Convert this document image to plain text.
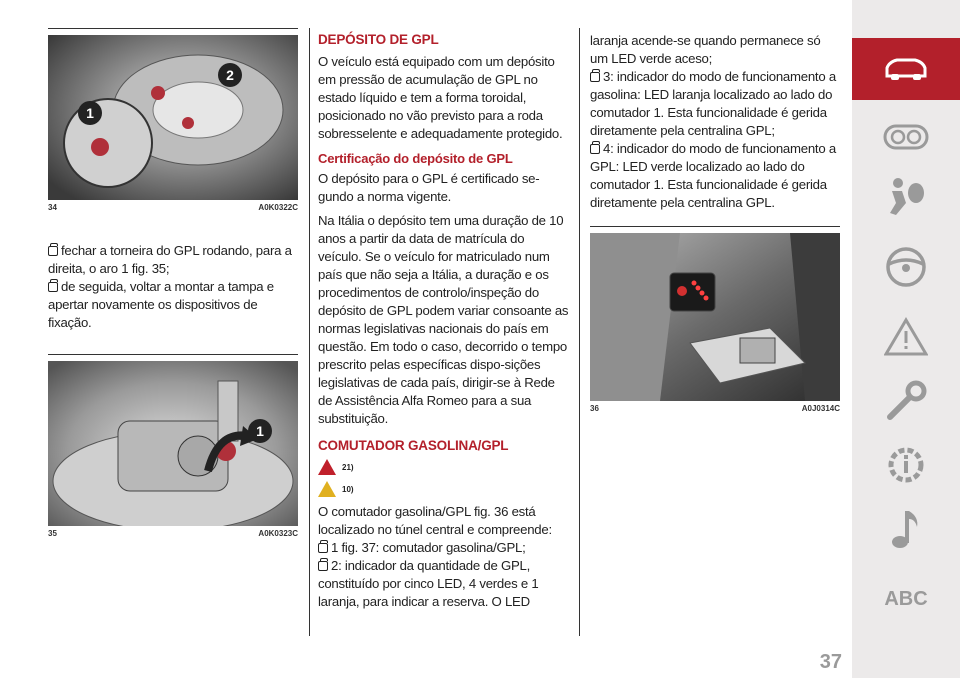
1
2
34	A0K0322C

fechar a torneira do GPL rodando, para a direita, o aro 1 fig. 35;

de seguida, voltar a montar a tampa e apertar novamente os dispositivos de fixação.

1
35	A0K0323C
DEPÓSITO DE GPL

O veículo está equipado com um depósito em pressão de acumulação de GPL no estado líquido e tem a forma toroidal, posicionado no vão previsto para a roda sobresselente e adequadamente protegido.

Certificação do depósito de GPL

O depósito para o GPL é certificado se-gundo a norma vigente.

Na Itália o depósito tem uma duração de 10 anos a partir da data de matrícula do veículo. Se o veículo for matriculado num país que não seja a Itália, a duração e os procedimentos de controlo/inspeção do depósito de GPL podem variar consoante as normas legislativas nacionais do país em questão. Em todo o caso, decorrido o tempo prescrito pelas específicas dispo-sições legislativas de cada país, dirigir-se à Rede de Assistência Alfa Romeo para a sua substituição.

COMUTADOR GASOLINA/GPL
21)
10)

O comutador gasolina/GPL fig. 36 está localizado no túnel central e compreende:

1 fig. 37: comutador gasolina/GPL;

2: indicador da quantidade de GPL, constituído por cinco LED, 4 verdes e 1 laranja, para indicar a reserva. O LED

laranja acende-se quando permanece só um LED verde aceso;

3: indicador do modo de funcionamento a gasolina: LED laranja localizado ao lado do comutador 1. Esta funcionalidade é gerida diretamente pela centralina GPL;

4: indicador do modo de funcionamento a GPL: LED verde localizado ao lado do comutador 1. Esta funcionalidade é gerida diretamente pela centralina GPL.

36	A0J0314C
ABC
37
